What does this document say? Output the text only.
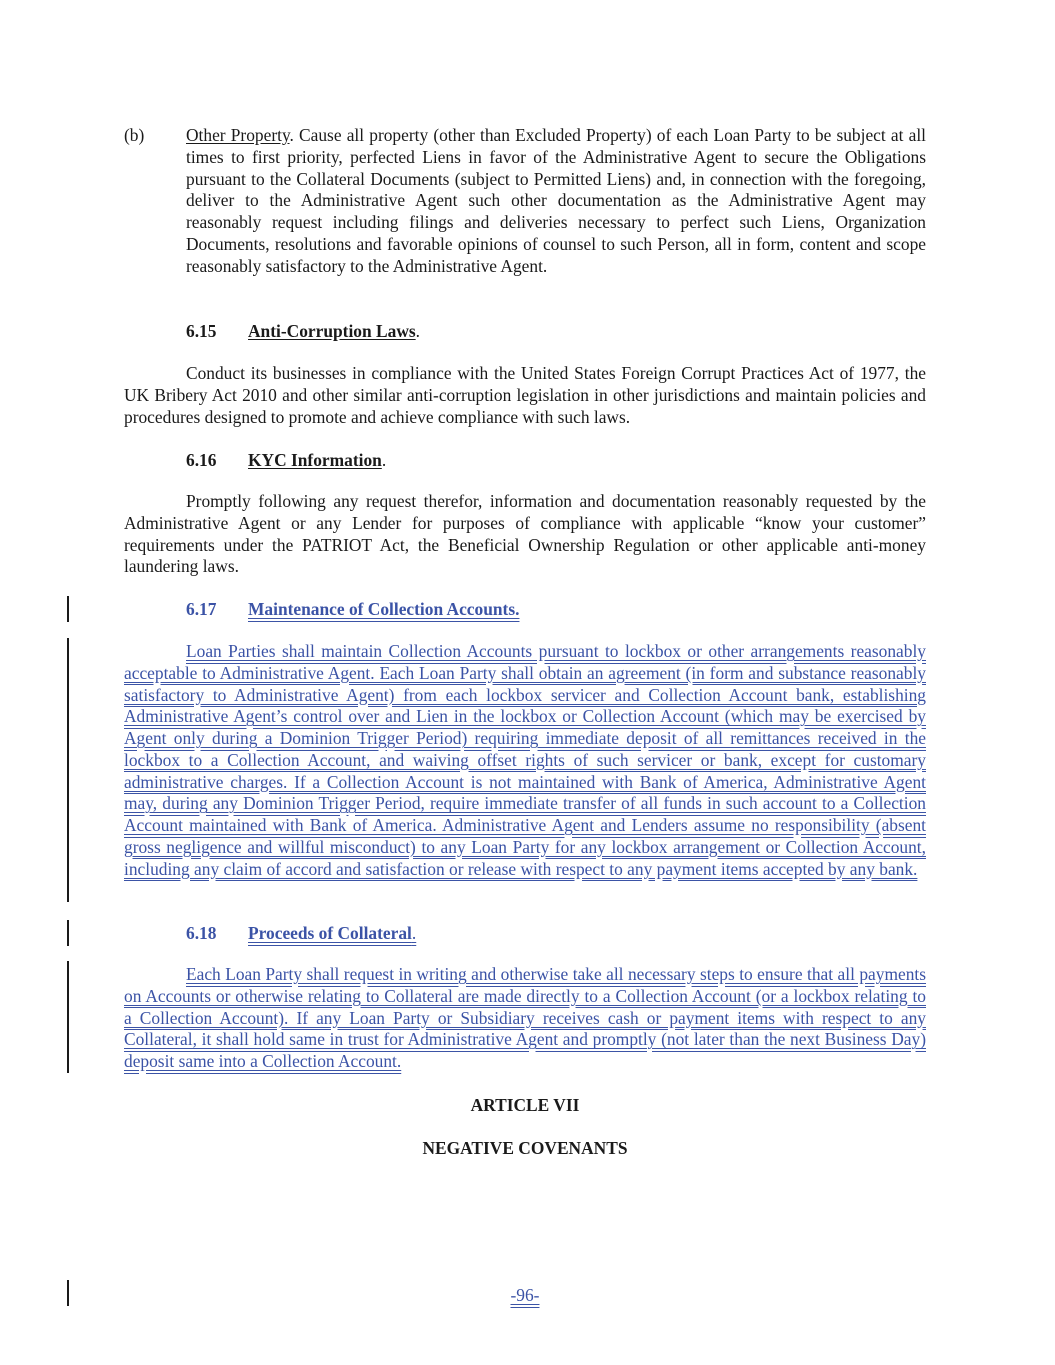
(b) Other Property. Cause all property (other than Excluded Property) of each Loan Party to be subject at all times to first priority, perfected Liens in favor of the Administrative Agent to secure the Obligations pursuant to the Collateral Documents (subject to Permitted Liens) and, in connection with the foregoing, deliver to the Administrative Agent such other documentation as the Administrative Agent may reasonably request including filings and deliveries necessary to perfect such Liens, Organization Documents, resolutions and favorable opinions of counsel to such Person, all in form, content and scope reasonably satisfactory to the Administrative Agent.
6.15 Anti-Corruption Laws.
Conduct its businesses in compliance with the United States Foreign Corrupt Practices Act of 1977, the UK Bribery Act 2010 and other similar anti-corruption legislation in other jurisdictions and maintain policies and procedures designed to promote and achieve compliance with such laws.
6.16 KYC Information.
Promptly following any request therefor, information and documentation reasonably requested by the Administrative Agent or any Lender for purposes of compliance with applicable “know your customer” requirements under the PATRIOT Act, the Beneficial Ownership Regulation or other applicable anti-money laundering laws.
6.17 Maintenance of Collection Accounts.
Loan Parties shall maintain Collection Accounts pursuant to lockbox or other arrangements reasonably acceptable to Administrative Agent. Each Loan Party shall obtain an agreement (in form and substance reasonably satisfactory to Administrative Agent) from each lockbox servicer and Collection Account bank, establishing Administrative Agent’s control over and Lien in the lockbox or Collection Account (which may be exercised by Agent only during a Dominion Trigger Period) requiring immediate deposit of all remittances received in the lockbox to a Collection Account, and waiving offset rights of such servicer or bank, except for customary administrative charges. If a Collection Account is not maintained with Bank of America, Administrative Agent may, during any Dominion Trigger Period, require immediate transfer of all funds in such account to a Collection Account maintained with Bank of America. Administrative Agent and Lenders assume no responsibility (absent gross negligence and willful misconduct) to any Loan Party for any lockbox arrangement or Collection Account, including any claim of accord and satisfaction or release with respect to any payment items accepted by any bank.
6.18 Proceeds of Collateral.
Each Loan Party shall request in writing and otherwise take all necessary steps to ensure that all payments on Accounts or otherwise relating to Collateral are made directly to a Collection Account (or a lockbox relating to a Collection Account). If any Loan Party or Subsidiary receives cash or payment items with respect to any Collateral, it shall hold same in trust for Administrative Agent and promptly (not later than the next Business Day) deposit same into a Collection Account.
ARTICLE VII
NEGATIVE COVENANTS
-96-
